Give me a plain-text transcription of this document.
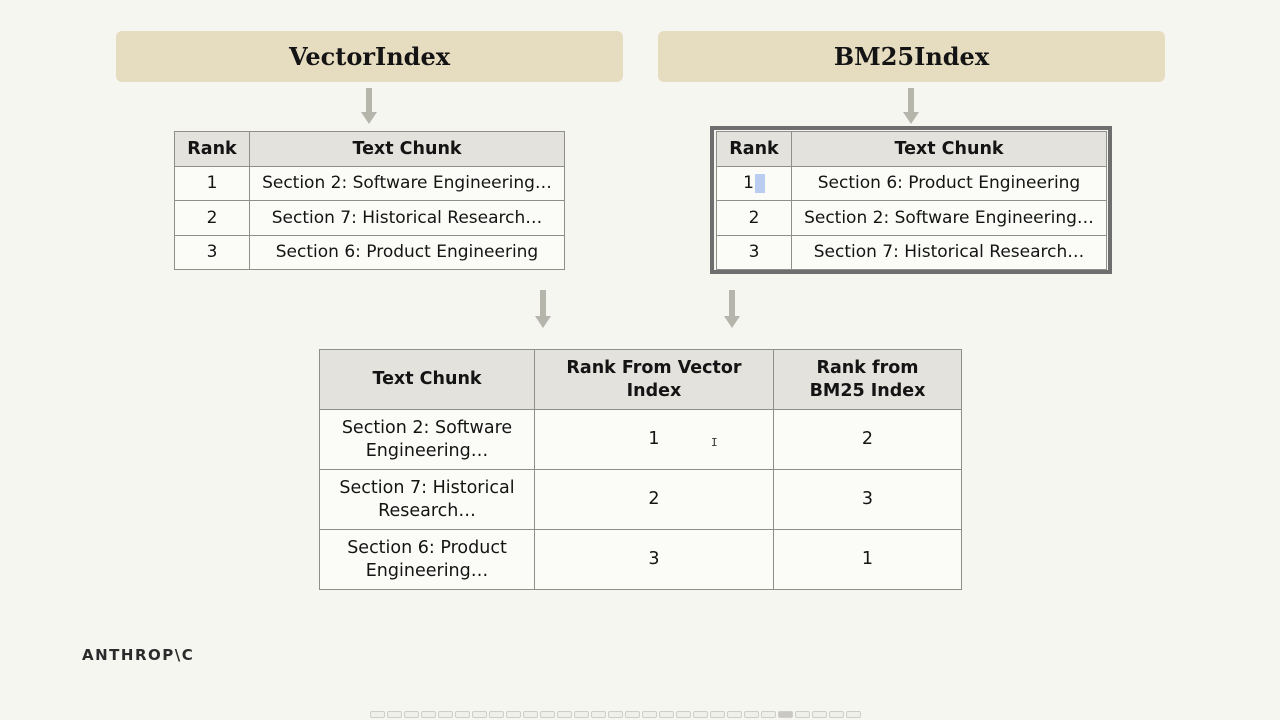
VectorIndex	BM25Index
Rank	Text Chunk
1	Section 2: Software Engineering…
2	Section 7: Historical Research…
3	Section 6: Product Engineering
Rank	Text Chunk
1	Section 6: Product Engineering
2	Section 2: Software Engineering…
3	Section 7: Historical Research…
Text Chunk	Rank From Vector Index	Rank from BM25 Index
Section 2: Software Engineering…	1	2
Section 7: Historical Research…	2	3
Section 6: Product Engineering…	3	1
I
ANTHROP\C
